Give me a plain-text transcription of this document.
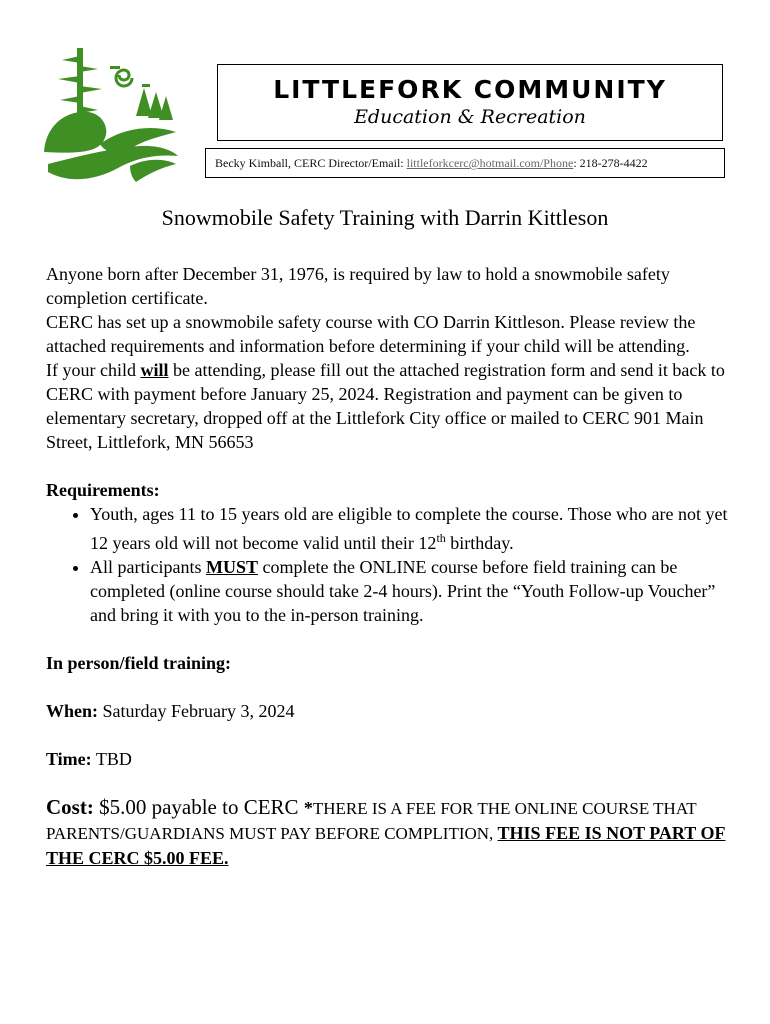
LITTLEFORK COMMUNITY
Education & Recreation
Becky Kimball, CERC Director/Email: littleforkcerc@hotmail.com/Phone: 218-278-4422
Snowmobile Safety Training with Darrin Kittleson

Anyone born after December 31, 1976, is required by law to hold a snowmobile safety completion certificate.

CERC has set up a snowmobile safety course with CO Darrin Kittleson. Please review the attached requirements and information before determining if your child will be attending.

If your child will be attending, please fill out the attached registration form and send it back to CERC with payment before January 25, 2024. Registration and payment can be given to elementary secretary, dropped off at the Littlefork City office or mailed to CERC 901 Main Street, Littlefork, MN 56653

Requirements:

• Youth, ages 11 to 15 years old are eligible to complete the course. Those who are not yet 12 years old will not become valid until their 12th birthday.
• All participants MUST complete the ONLINE course before field training can be completed (online course should take 2-4 hours). Print the “Youth Follow-up Voucher” and bring it with you to the in-person training.

In person/field training:

When: Saturday February 3, 2024

Time: TBD

Cost: $5.00 payable to CERC *THERE IS A FEE FOR THE ONLINE COURSE THAT PARENTS/GUARDIANS MUST PAY BEFORE COMPLITION, THIS FEE IS NOT PART OF THE CERC $5.00 FEE.
